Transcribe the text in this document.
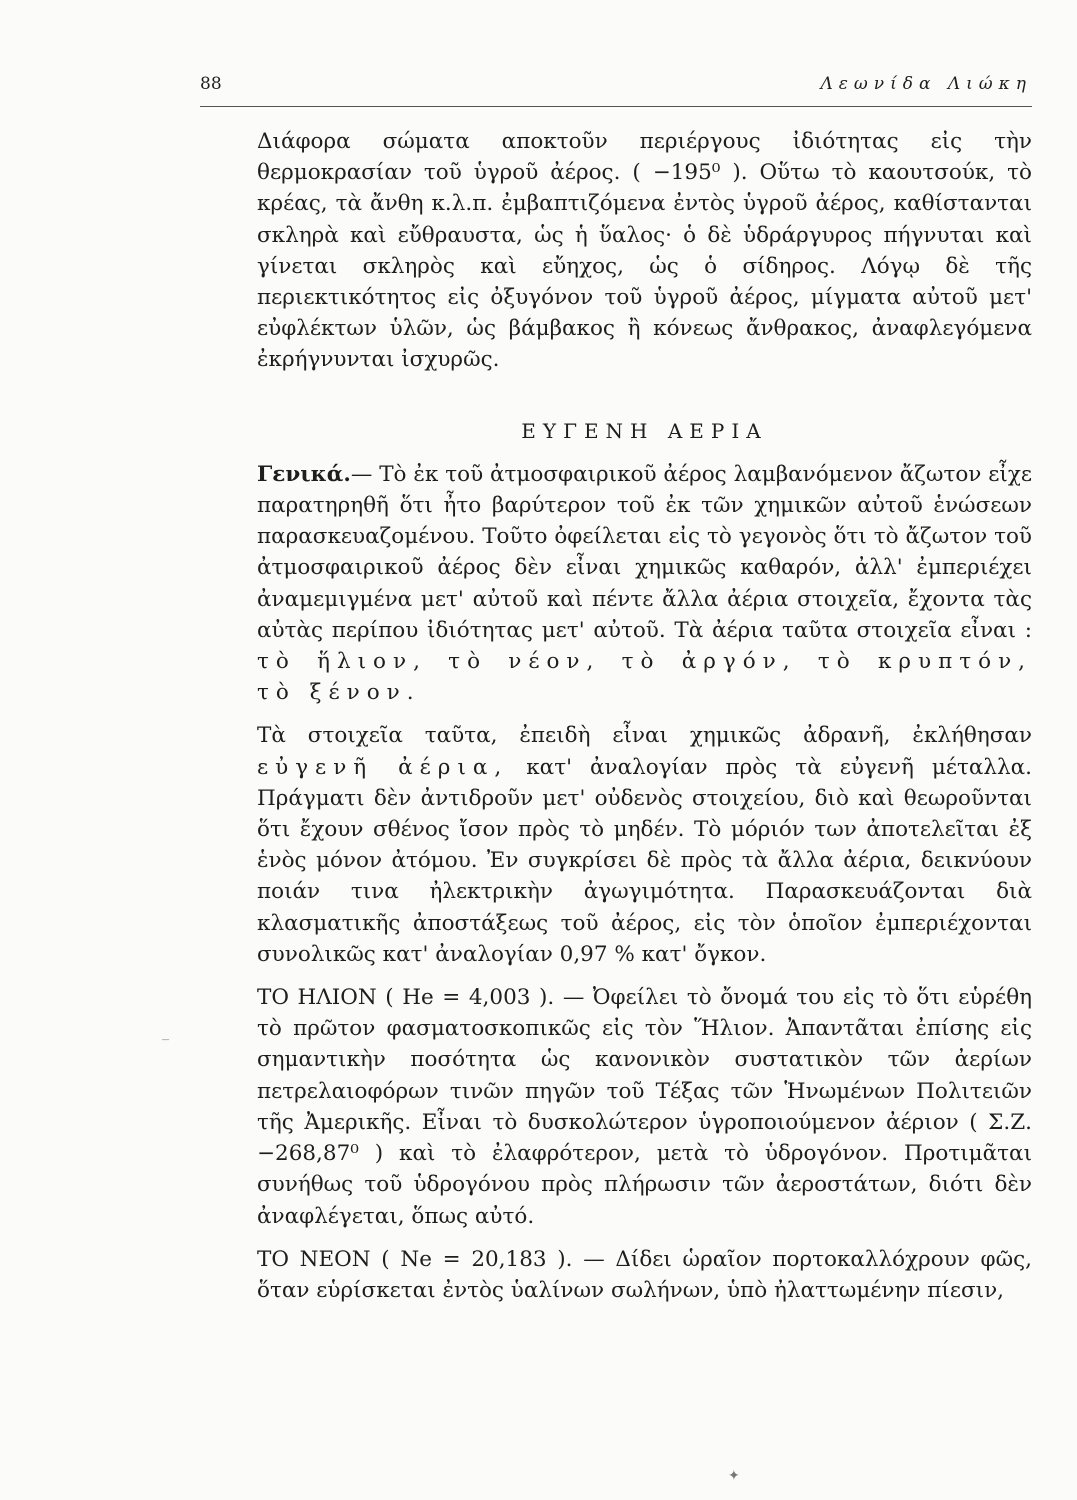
88	Λεωνίδα Λιώκη

Διάφορα σώματα αποκτοῦν περιέργους ἰδιότητας εἰς τὴν θερμοκρασίαν τοῦ ὑγροῦ ἀέρος. ( −195⁰ ). Οὕτω τὸ καουτσούκ, τὸ κρέας, τὰ ἄνθη κ.λ.π. ἐμβαπτιζόμενα ἐντὸς ὑγροῦ ἀέρος, καθίστανται σκληρὰ καὶ εὔθραυστα, ὡς ἡ ὕαλος· ὁ δὲ ὑδράργυρος πήγνυται καὶ γίνεται σκληρὸς καὶ εὔηχος, ὡς ὁ σίδηρος. Λόγῳ δὲ τῆς περιεκτικότητος εἰς ὀξυγόνον τοῦ ὑγροῦ ἀέρος, μίγματα αὐτοῦ μετ' εὐφλέκτων ὑλῶν, ὡς βάμβακος ἢ κόνεως ἄνθρακος, ἀναφλεγόμενα ἐκρήγνυνται ἰσχυρῶς.

ΕΥΓΕΝΗ ΑΕΡΙΑ

Γενικά.— Τὸ ἐκ τοῦ ἀτμοσφαιρικοῦ ἀέρος λαμβανόμενον ἄζωτον εἶχε παρατηρηθῆ ὅτι ἦτο βαρύτερον τοῦ ἐκ τῶν χημικῶν αὐτοῦ ἑνώσεων παρασκευαζομένου. Τοῦτο ὀφείλεται εἰς τὸ γεγονὸς ὅτι τὸ ἄζωτον τοῦ ἀτμοσφαιρικοῦ ἀέρος δὲν εἶναι χημικῶς καθαρόν, ἀλλ' ἐμπεριέχει ἀναμεμιγμένα μετ' αὐτοῦ καὶ πέντε ἄλλα ἀέρια στοιχεῖα, ἔχοντα τὰς αὐτὰς περίπου ἰδιότητας μετ' αὐτοῦ. Τὰ ἀέρια ταῦτα στοιχεῖα εἶναι : τὸ ἥλιον, τὸ νέον, τὸ ἀργόν, τὸ κρυπτόν, τὸ ξένον.

Τὰ στοιχεῖα ταῦτα, ἐπειδὴ εἶναι χημικῶς ἀδρανῆ, ἐκλήθησαν εὐγενῆ ἀέρια, κατ' ἀναλογίαν πρὸς τὰ εὐγενῆ μέταλλα. Πράγματι δὲν ἀντιδροῦν μετ' οὐδενὸς στοιχείου, διὸ καὶ θεωροῦνται ὅτι ἔχουν σθένος ἴσον πρὸς τὸ μηδέν. Τὸ μόριόν των ἀποτελεῖται ἐξ ἑνὸς μόνον ἀτόμου. Ἐν συγκρίσει δὲ πρὸς τὰ ἄλλα ἀέρια, δεικνύουν ποιάν τινα ἠλεκτρικὴν ἀγωγιμότητα. Παρασκευάζονται διὰ κλασματικῆς ἀποστάξεως τοῦ ἀέρος, εἰς τὸν ὁποῖον ἐμπεριέχονται συνολικῶς κατ' ἀναλογίαν 0,97 % κατ' ὄγκον.

ΤΟ ΗΛΙΟΝ ( He = 4,003 ). — Ὀφείλει τὸ ὄνομά του εἰς τὸ ὅτι εὑρέθη τὸ πρῶτον φασματοσκοπικῶς εἰς τὸν Ἥλιον. Ἀπαντᾶται ἐπίσης εἰς σημαντικὴν ποσότητα ὡς κανονικὸν συστατικὸν τῶν ἀερίων πετρελαιοφόρων τινῶν πηγῶν τοῦ Τέξας τῶν Ἡνωμένων Πολιτειῶν τῆς Ἀμερικῆς. Εἶναι τὸ δυσκολώτερον ὑγροποιούμενον ἀέριον ( Σ.Ζ. −268,87⁰ ) καὶ τὸ ἐλαφρότερον, μετὰ τὸ ὑδρογόνον. Προτιμᾶται συνήθως τοῦ ὑδρογόνου πρὸς πλήρωσιν τῶν ἀεροστάτων, διότι δὲν ἀναφλέγεται, ὅπως αὐτό.

ΤΟ ΝΕΟΝ ( Ne = 20,183 ). — Δίδει ὡραῖον πορτοκαλλόχρουν φῶς, ὅταν εὑρίσκεται ἐντὸς ὑαλίνων σωλήνων, ὑπὸ ἠλαττωμένην πίεσιν,

‾
✦
